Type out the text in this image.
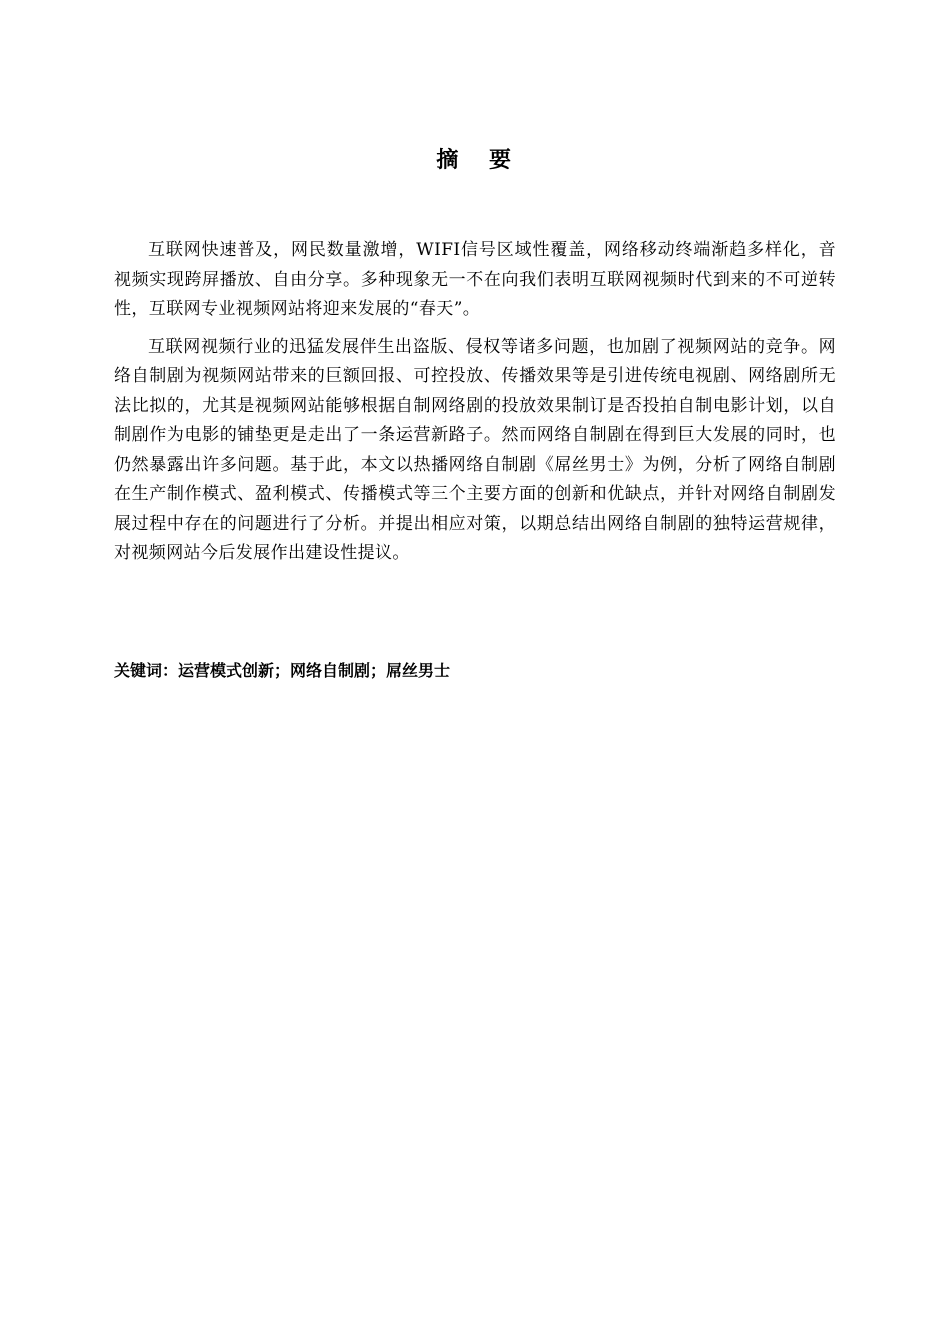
摘 要

互联网快速普及，网民数量激增，WIFI信号区域性覆盖，网络移动终端渐趋多样化，音视频实现跨屏播放、自由分享。多种现象无一不在向我们表明互联网视频时代到来的不可逆转性，互联网专业视频网站将迎来发展的“春天”。

互联网视频行业的迅猛发展伴生出盗版、侵权等诸多问题，也加剧了视频网站的竞争。网络自制剧为视频网站带来的巨额回报、可控投放、传播效果等是引进传统电视剧、网络剧所无法比拟的，尤其是视频网站能够根据自制网络剧的投放效果制订是否投拍自制电影计划，以自制剧作为电影的铺垫更是走出了一条运营新路子。然而网络自制剧在得到巨大发展的同时，也仍然暴露出许多问题。基于此，本文以热播网络自制剧《屌丝男士》为例，分析了网络自制剧在生产制作模式、盈利模式、传播模式等三个主要方面的创新和优缺点，并针对网络自制剧发展过程中存在的问题进行了分析。并提出相应对策，以期总结出网络自制剧的独特运营规律，对视频网站今后发展作出建设性提议。

关键词：运营模式创新；网络自制剧；屌丝男士
